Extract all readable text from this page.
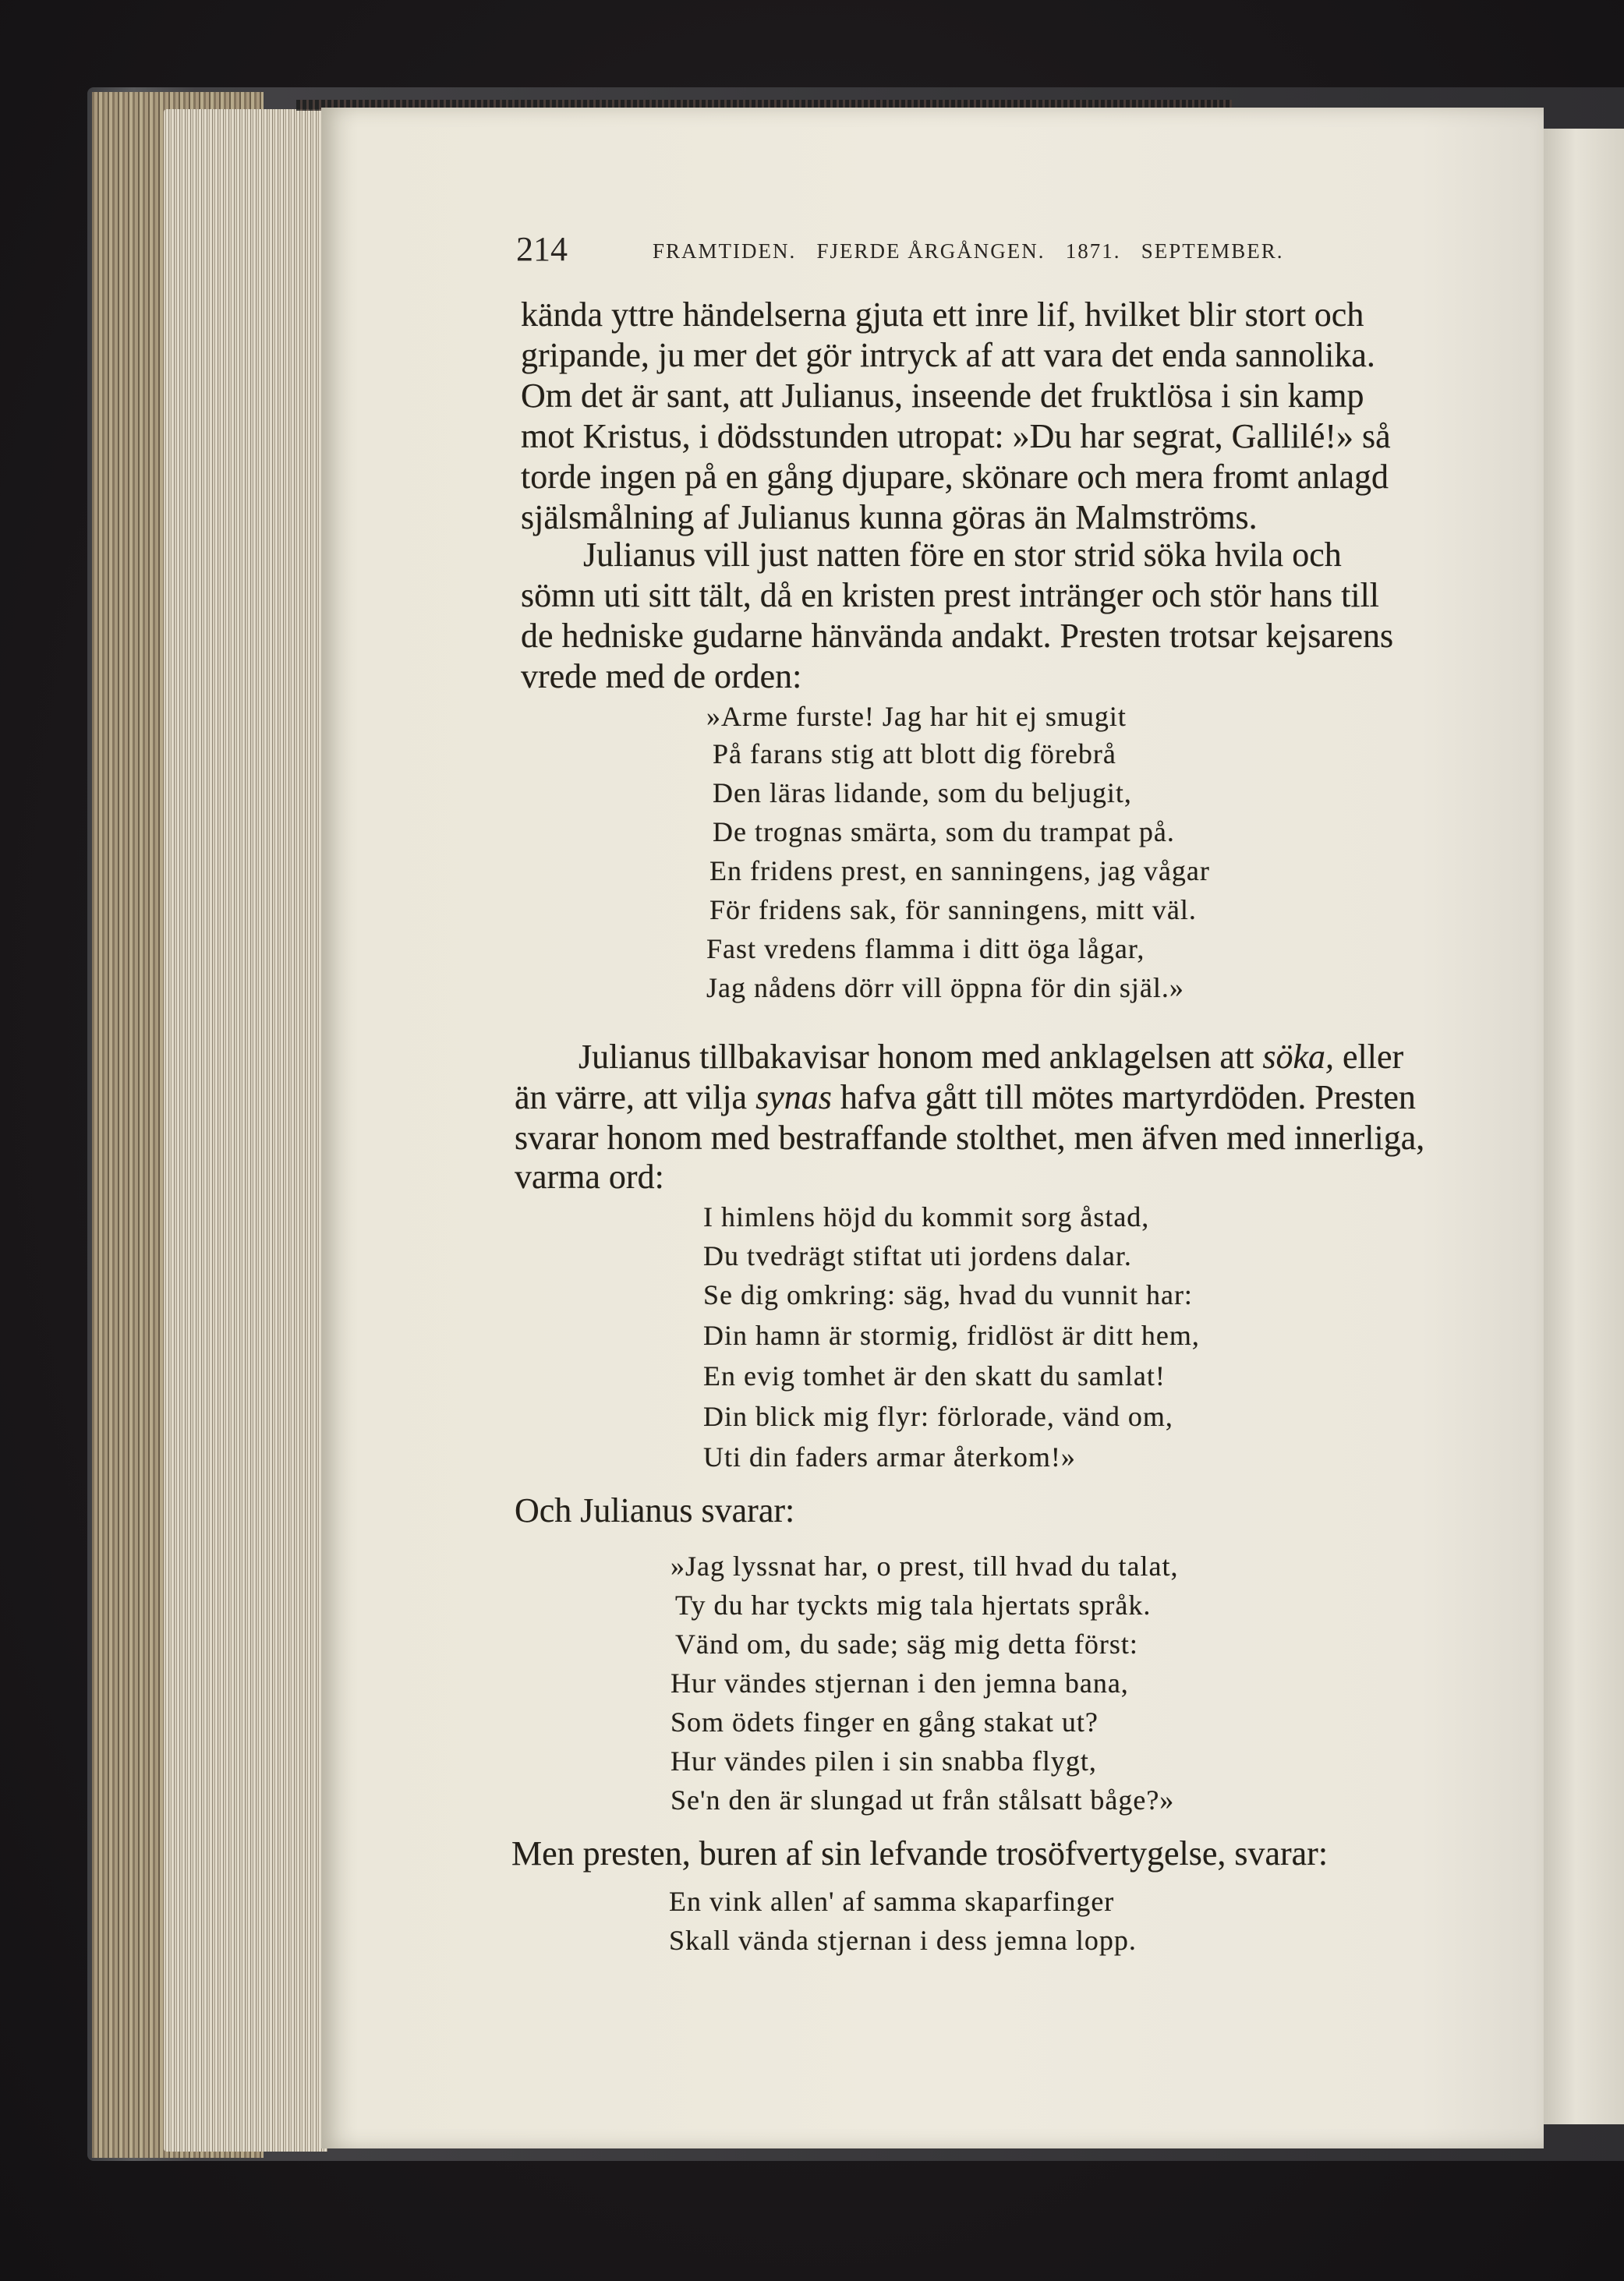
214	FRAMTIDEN.   FJERDE ÅRGÅNGEN.   1871.   SEPTEMBER.
kända yttre händelserna gjuta ett inre lif, hvilket blir stort och
gripande, ju mer det gör intryck af att vara det enda sannolika.
Om det är sant, att Julianus, inseende det fruktlösa i sin kamp
mot Kristus, i dödsstunden utropat: »Du har segrat, Gallilé!» så
torde ingen på en gång djupare, skönare och mera fromt anlagd
själsmålning af Julianus kunna göras än Malmströms.
Julianus vill just natten före en stor strid söka hvila och
sömn uti sitt tält, då en kristen prest intränger och stör hans till
de hedniske gudarne hänvända andakt. Presten trotsar kejsarens
vrede med de orden:
»Arme furste! Jag har hit ej smugit
På farans stig att blott dig förebrå
Den läras lidande, som du beljugit,
De trognas smärta, som du trampat på.
En fridens prest, en sanningens, jag vågar
För fridens sak, för sanningens, mitt väl.
Fast vredens flamma i ditt öga lågar,
Jag nådens dörr vill öppna för din själ.»
Julianus tillbakavisar honom med anklagelsen att söka, eller
än värre, att vilja synas hafva gått till mötes martyrdöden. Presten
svarar honom med bestraffande stolthet, men äfven med innerliga,
varma ord:
I himlens höjd du kommit sorg åstad,
Du tvedrägt stiftat uti jordens dalar.
Se dig omkring: säg, hvad du vunnit har:
Din hamn är stormig, fridlöst är ditt hem,
En evig tomhet är den skatt du samlat!
Din blick mig flyr: förlorade, vänd om,
Uti din faders armar återkom!»
Och Julianus svarar:
»Jag lyssnat har, o prest, till hvad du talat,
Ty du har tyckts mig tala hjertats språk.
Vänd om, du sade; säg mig detta först:
Hur vändes stjernan i den jemna bana,
Som ödets finger en gång stakat ut?
Hur vändes pilen i sin snabba flygt,
Se'n den är slungad ut från stålsatt båge?»
Men presten, buren af sin lefvande trosöfvertygelse, svarar:
En vink allen' af samma skaparfinger
Skall vända stjernan i dess jemna lopp.
